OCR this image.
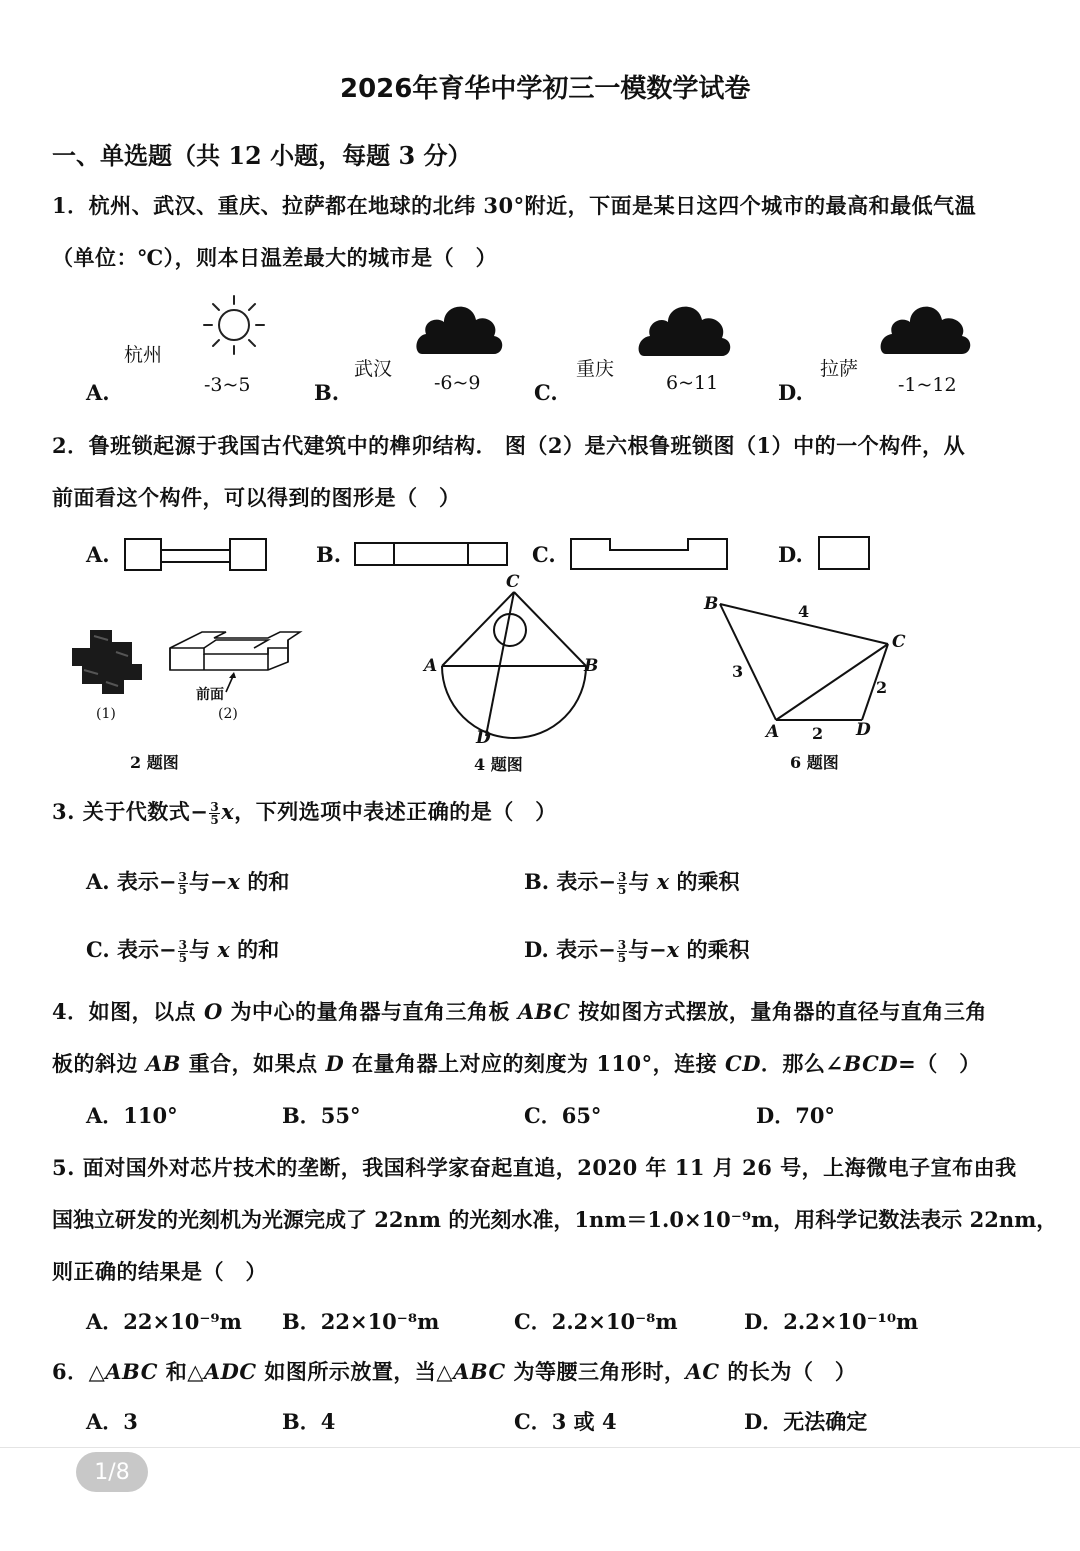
2026年育华中学初三一模数学试卷
一、单选题（共 12 小题，每题 3 分）
1．杭州、武汉、重庆、拉萨都在地球的北纬 30°附近，下面是某日这四个城市的最高和最低气温
（单位：℃），则本日温差最大的城市是（　）
A.
杭州
-3~5	B.
武汉
-6~9	C.
重庆
6~11	D.
拉萨
-1~12
2．鲁班锁起源于我国古代建筑中的榫卯结构． 图（2）是六根鲁班锁图（1）中的一个构件，从
前面看这个构件，可以得到的图形是（　）
A.	B.	C.	D.
前面
(1)	(2)
2 题图
C
A	B
D
4 题图
B
C
A	D
4
3
2
2
6 题图
3. 关于代数式− $\frac{3}{5}$ x，下列选项中表述正确的是（　）
A. 表示− $\frac{3}{5}$ 与−x 的和	B. 表示− $\frac{3}{5}$ 与 x 的乘积
C. 表示− $\frac{3}{5}$ 与 x 的和	D. 表示− $\frac{3}{5}$ 与−x 的乘积
4．如图，以点 O 为中心的量角器与直角三角板 ABC 按如图方式摆放，量角器的直径与直角三角
板的斜边 AB 重合，如果点 D 在量角器上对应的刻度为 110°，连接 CD．那么∠BCD=（　）
A．110°	B．55°	C．65°	D．70°
5. 面对国外对芯片技术的垄断，我国科学家奋起直追，2020 年 11 月 26 号，上海微电子宣布由我
国独立研发的光刻机为光源完成了 22nm 的光刻水准，1nm＝1.0×10⁻⁹m，用科学记数法表示 22nm，
则正确的结果是（　）
A．22×10⁻⁹m B．22×10⁻⁸m	C．2.2×10⁻⁸m	D．2.2×10⁻¹⁰m
6．△ABC 和△ADC 如图所示放置，当△ABC 为等腰三角形时，AC 的长为（　）
A．3	B．4	C．3 或 4	D．无法确定
1/8
